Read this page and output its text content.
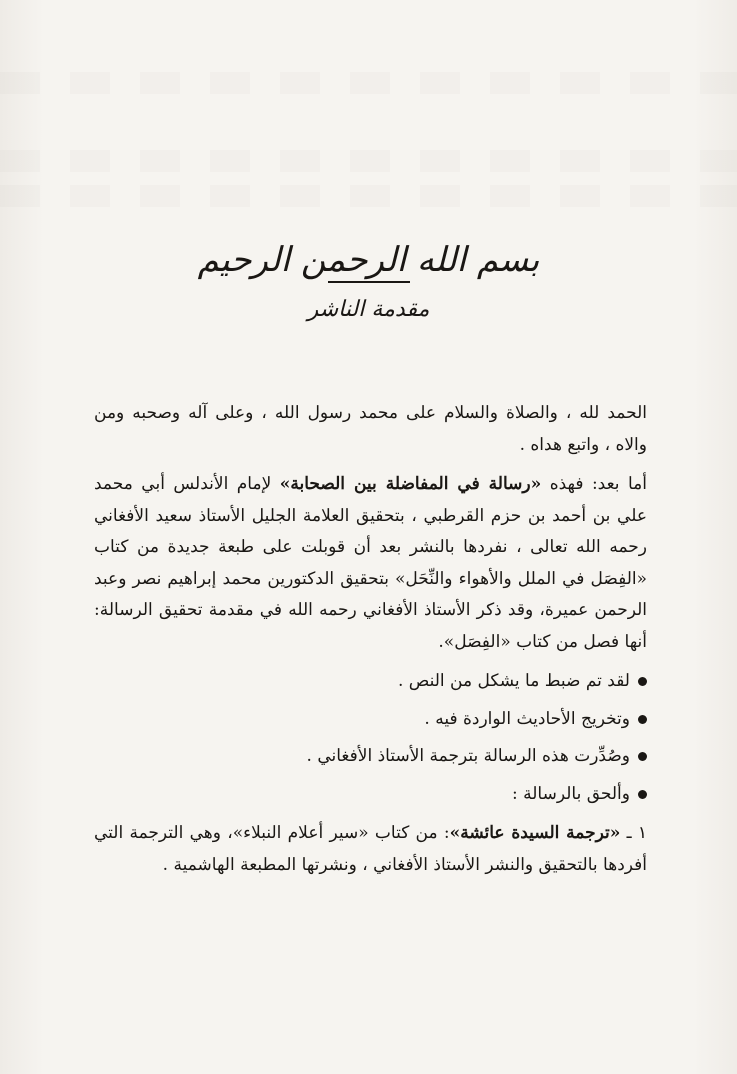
بسم الله الرحمن الرحيم
مقدمة الناشر

الحمد لله ، والصلاة والسلام على محمد رسول الله ، وعلى آله وصحبه ومن والاه ، واتبع هداه .

أما بعد: فهذه «رسالة في المفاضلة بين الصحابة» لإمام الأندلس أبي محمد علي بن أحمد بن حزم القرطبي ، بتحقيق العلامة الجليل الأستاذ سعيد الأفغاني رحمه الله تعالى ، نفردها بالنشر بعد أن قوبلت على طبعة جديدة من كتاب «الفِصَل في الملل والأهواء والنِّحَل» بتحقيق الدكتورين محمد إبراهيم نصر وعبد الرحمن عميرة، وقد ذكر الأستاذ الأفغاني رحمه الله في مقدمة تحقيق الرسالة: أنها فصل من كتاب «الفِصَل».

لقد تم ضبط ما يشكل من النص .
وتخريج الأحاديث الواردة فيه .
وصُدِّرت هذه الرسالة بترجمة الأستاذ الأفغاني .
وألحق بالرسالة :

١ ـ «ترجمة السيدة عائشة»: من كتاب «سير أعلام النبلاء»، وهي الترجمة التي أفردها بالتحقيق والنشر الأستاذ الأفغاني ، ونشرتها المطبعة الهاشمية .
